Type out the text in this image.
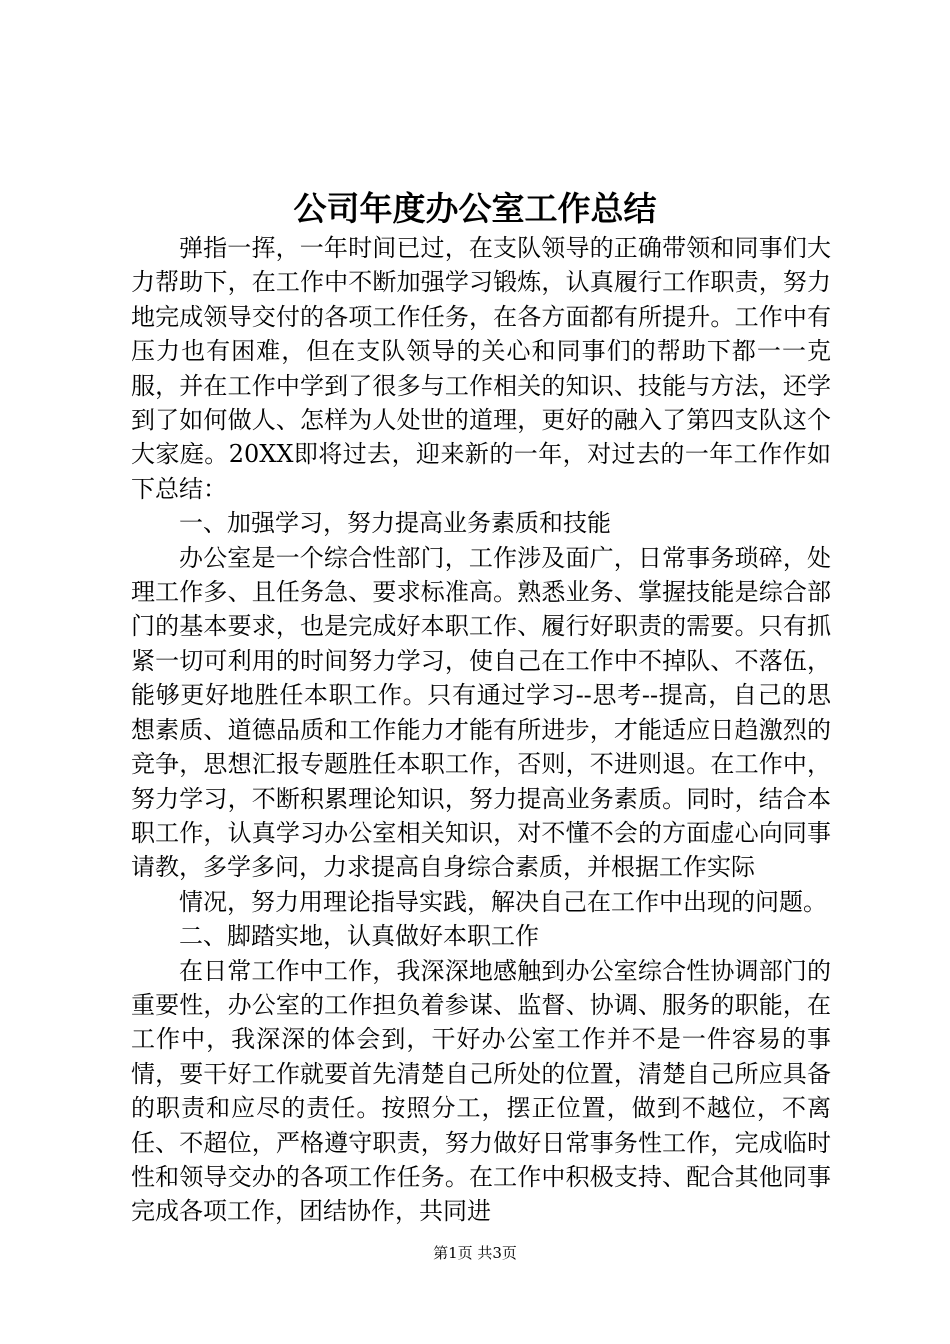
公司年度办公室工作总结

弹指一挥，一年时间已过，在支队领导的正确带领和同事们大力帮助下，在工作中不断加强学习锻炼，认真履行工作职责，努力地完成领导交付的各项工作任务，在各方面都有所提升。工作中有压力也有困难，但在支队领导的关心和同事们的帮助下都一一克服，并在工作中学到了很多与工作相关的知识、技能与方法，还学到了如何做人、怎样为人处世的道理，更好的融入了第四支队这个大家庭。20XX即将过去，迎来新的一年，对过去的一年工作作如下总结：

一、加强学习，努力提高业务素质和技能

办公室是一个综合性部门，工作涉及面广，日常事务琐碎，处理工作多、且任务急、要求标准高。熟悉业务、掌握技能是综合部门的基本要求，也是完成好本职工作、履行好职责的需要。只有抓紧一切可利用的时间努力学习，使自己在工作中不掉队、不落伍，能够更好地胜任本职工作。只有通过学习--思考--提高，自己的思想素质、道德品质和工作能力才能有所进步，才能适应日趋激烈的竞争，思想汇报专题胜任本职工作，否则，不进则退。在工作中，努力学习，不断积累理论知识，努力提高业务素质。同时，结合本职工作，认真学习办公室相关知识，对不懂不会的方面虚心向同事请教，多学多问，力求提高自身综合素质，并根据工作实际

情况，努力用理论指导实践，解决自己在工作中出现的问题。

二、脚踏实地，认真做好本职工作

在日常工作中工作，我深深地感触到办公室综合性协调部门的重要性，办公室的工作担负着参谋、监督、协调、服务的职能，在工作中，我深深的体会到，干好办公室工作并不是一件容易的事情，要干好工作就要首先清楚自己所处的位置，清楚自己所应具备的职责和应尽的责任。按照分工，摆正位置，做到不越位，不离任、不超位，严格遵守职责，努力做好日常事务性工作，完成临时性和领导交办的各项工作任务。在工作中积极支持、配合其他同事完成各项工作，团结协作，共同进

第1页 共3页
